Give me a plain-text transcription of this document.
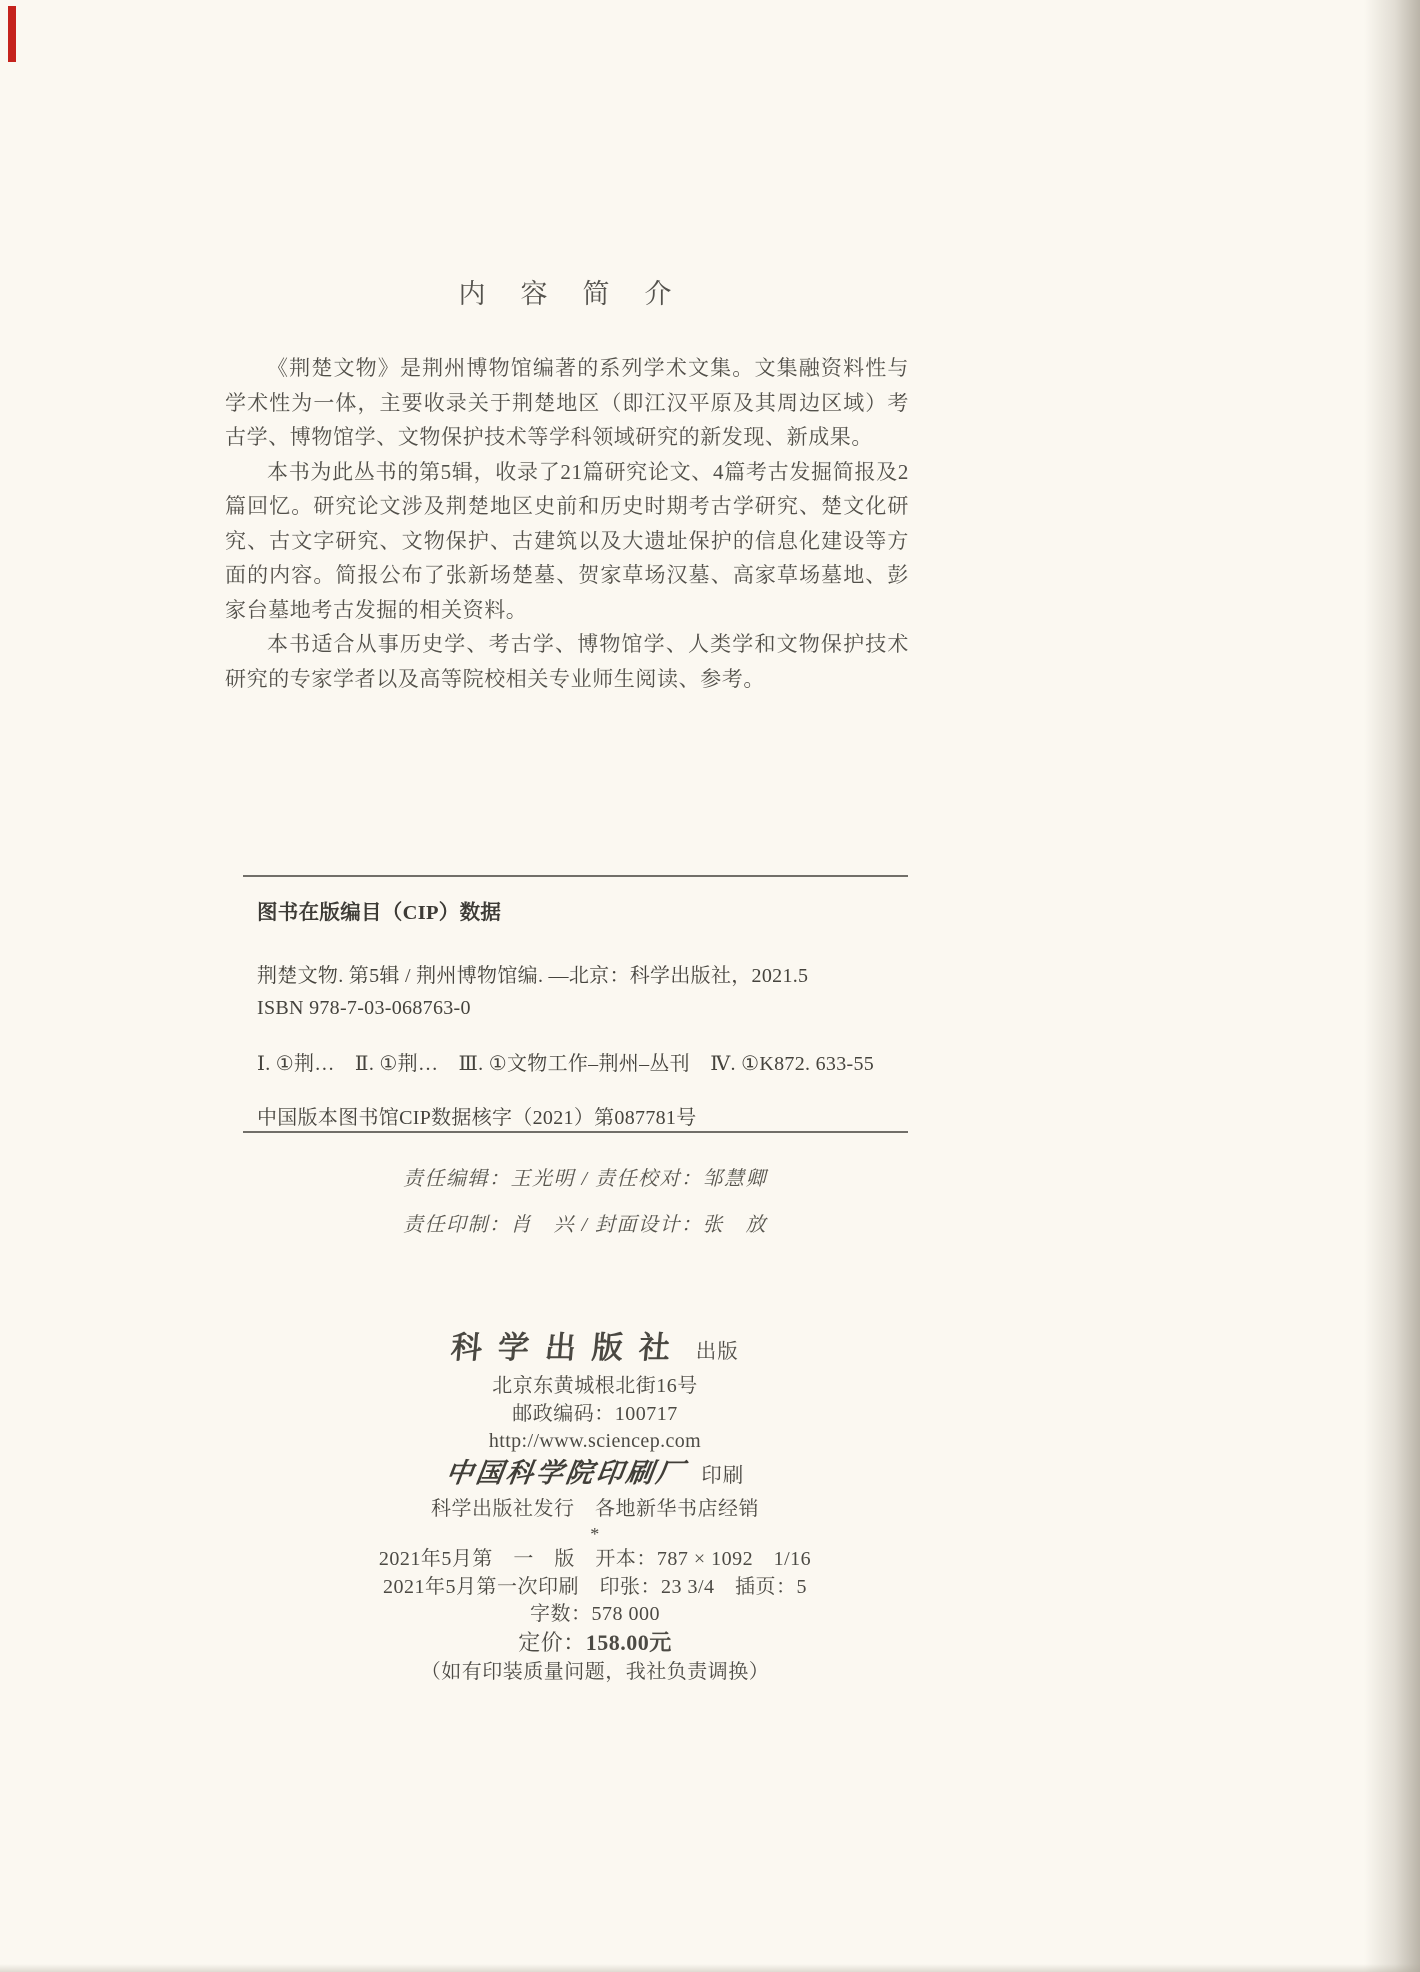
内　容　简　介

《荆楚文物》是荆州博物馆编著的系列学术文集。文集融资料性与学术性为一体，主要收录关于荆楚地区（即江汉平原及其周边区域）考古学、博物馆学、文物保护技术等学科领域研究的新发现、新成果。

本书为此丛书的第5辑，收录了21篇研究论文、4篇考古发掘简报及2篇回忆。研究论文涉及荆楚地区史前和历史时期考古学研究、楚文化研究、古文字研究、文物保护、古建筑以及大遗址保护的信息化建设等方面的内容。简报公布了张新场楚墓、贺家草场汉墓、高家草场墓地、彭家台墓地考古发掘的相关资料。

本书适合从事历史学、考古学、博物馆学、人类学和文物保护技术研究的专家学者以及高等院校相关专业师生阅读、参考。

图书在版编目（CIP）数据

荆楚文物. 第5辑 / 荆州博物馆编. —北京：科学出版社，2021.5

ISBN 978-7-03-068763-0

Ⅰ. ①荆…　Ⅱ. ①荆…　Ⅲ. ①文物工作–荆州–丛刊　Ⅳ. ①K872. 633-55

中国版本图书馆CIP数据核字（2021）第087781号

责任编辑：王光明 / 责任校对：邹慧卿
责任印制：肖　兴 / 封面设计：张　放
科学出版社 出版
北京东黄城根北街16号
邮政编码：100717
http://www.sciencep.com
中国科学院印刷厂 印刷
科学出版社发行　各地新华书店经销
*
2021年5月第　一　版　开本：787 × 1092　1/16
2021年5月第一次印刷　印张：23 3/4　插页：5
字数：578 000
定价：158.00元
（如有印装质量问题，我社负责调换）
